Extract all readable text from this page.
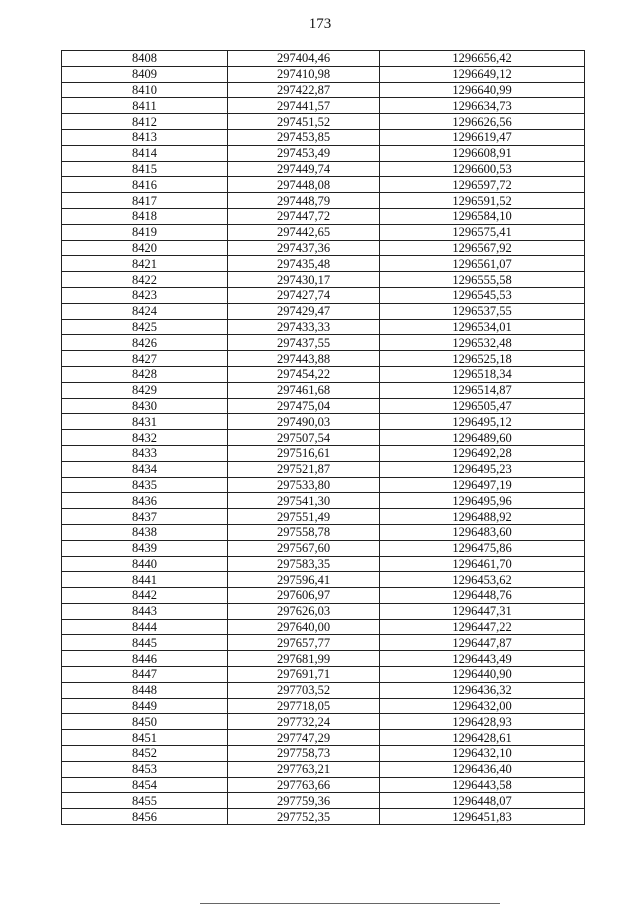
173
8408	297404,46	1296656,42
8409	297410,98	1296649,12
8410	297422,87	1296640,99
8411	297441,57	1296634,73
8412	297451,52	1296626,56
8413	297453,85	1296619,47
8414	297453,49	1296608,91
8415	297449,74	1296600,53
8416	297448,08	1296597,72
8417	297448,79	1296591,52
8418	297447,72	1296584,10
8419	297442,65	1296575,41
8420	297437,36	1296567,92
8421	297435,48	1296561,07
8422	297430,17	1296555,58
8423	297427,74	1296545,53
8424	297429,47	1296537,55
8425	297433,33	1296534,01
8426	297437,55	1296532,48
8427	297443,88	1296525,18
8428	297454,22	1296518,34
8429	297461,68	1296514,87
8430	297475,04	1296505,47
8431	297490,03	1296495,12
8432	297507,54	1296489,60
8433	297516,61	1296492,28
8434	297521,87	1296495,23
8435	297533,80	1296497,19
8436	297541,30	1296495,96
8437	297551,49	1296488,92
8438	297558,78	1296483,60
8439	297567,60	1296475,86
8440	297583,35	1296461,70
8441	297596,41	1296453,62
8442	297606,97	1296448,76
8443	297626,03	1296447,31
8444	297640,00	1296447,22
8445	297657,77	1296447,87
8446	297681,99	1296443,49
8447	297691,71	1296440,90
8448	297703,52	1296436,32
8449	297718,05	1296432,00
8450	297732,24	1296428,93
8451	297747,29	1296428,61
8452	297758,73	1296432,10
8453	297763,21	1296436,40
8454	297763,66	1296443,58
8455	297759,36	1296448,07
8456	297752,35	1296451,83
